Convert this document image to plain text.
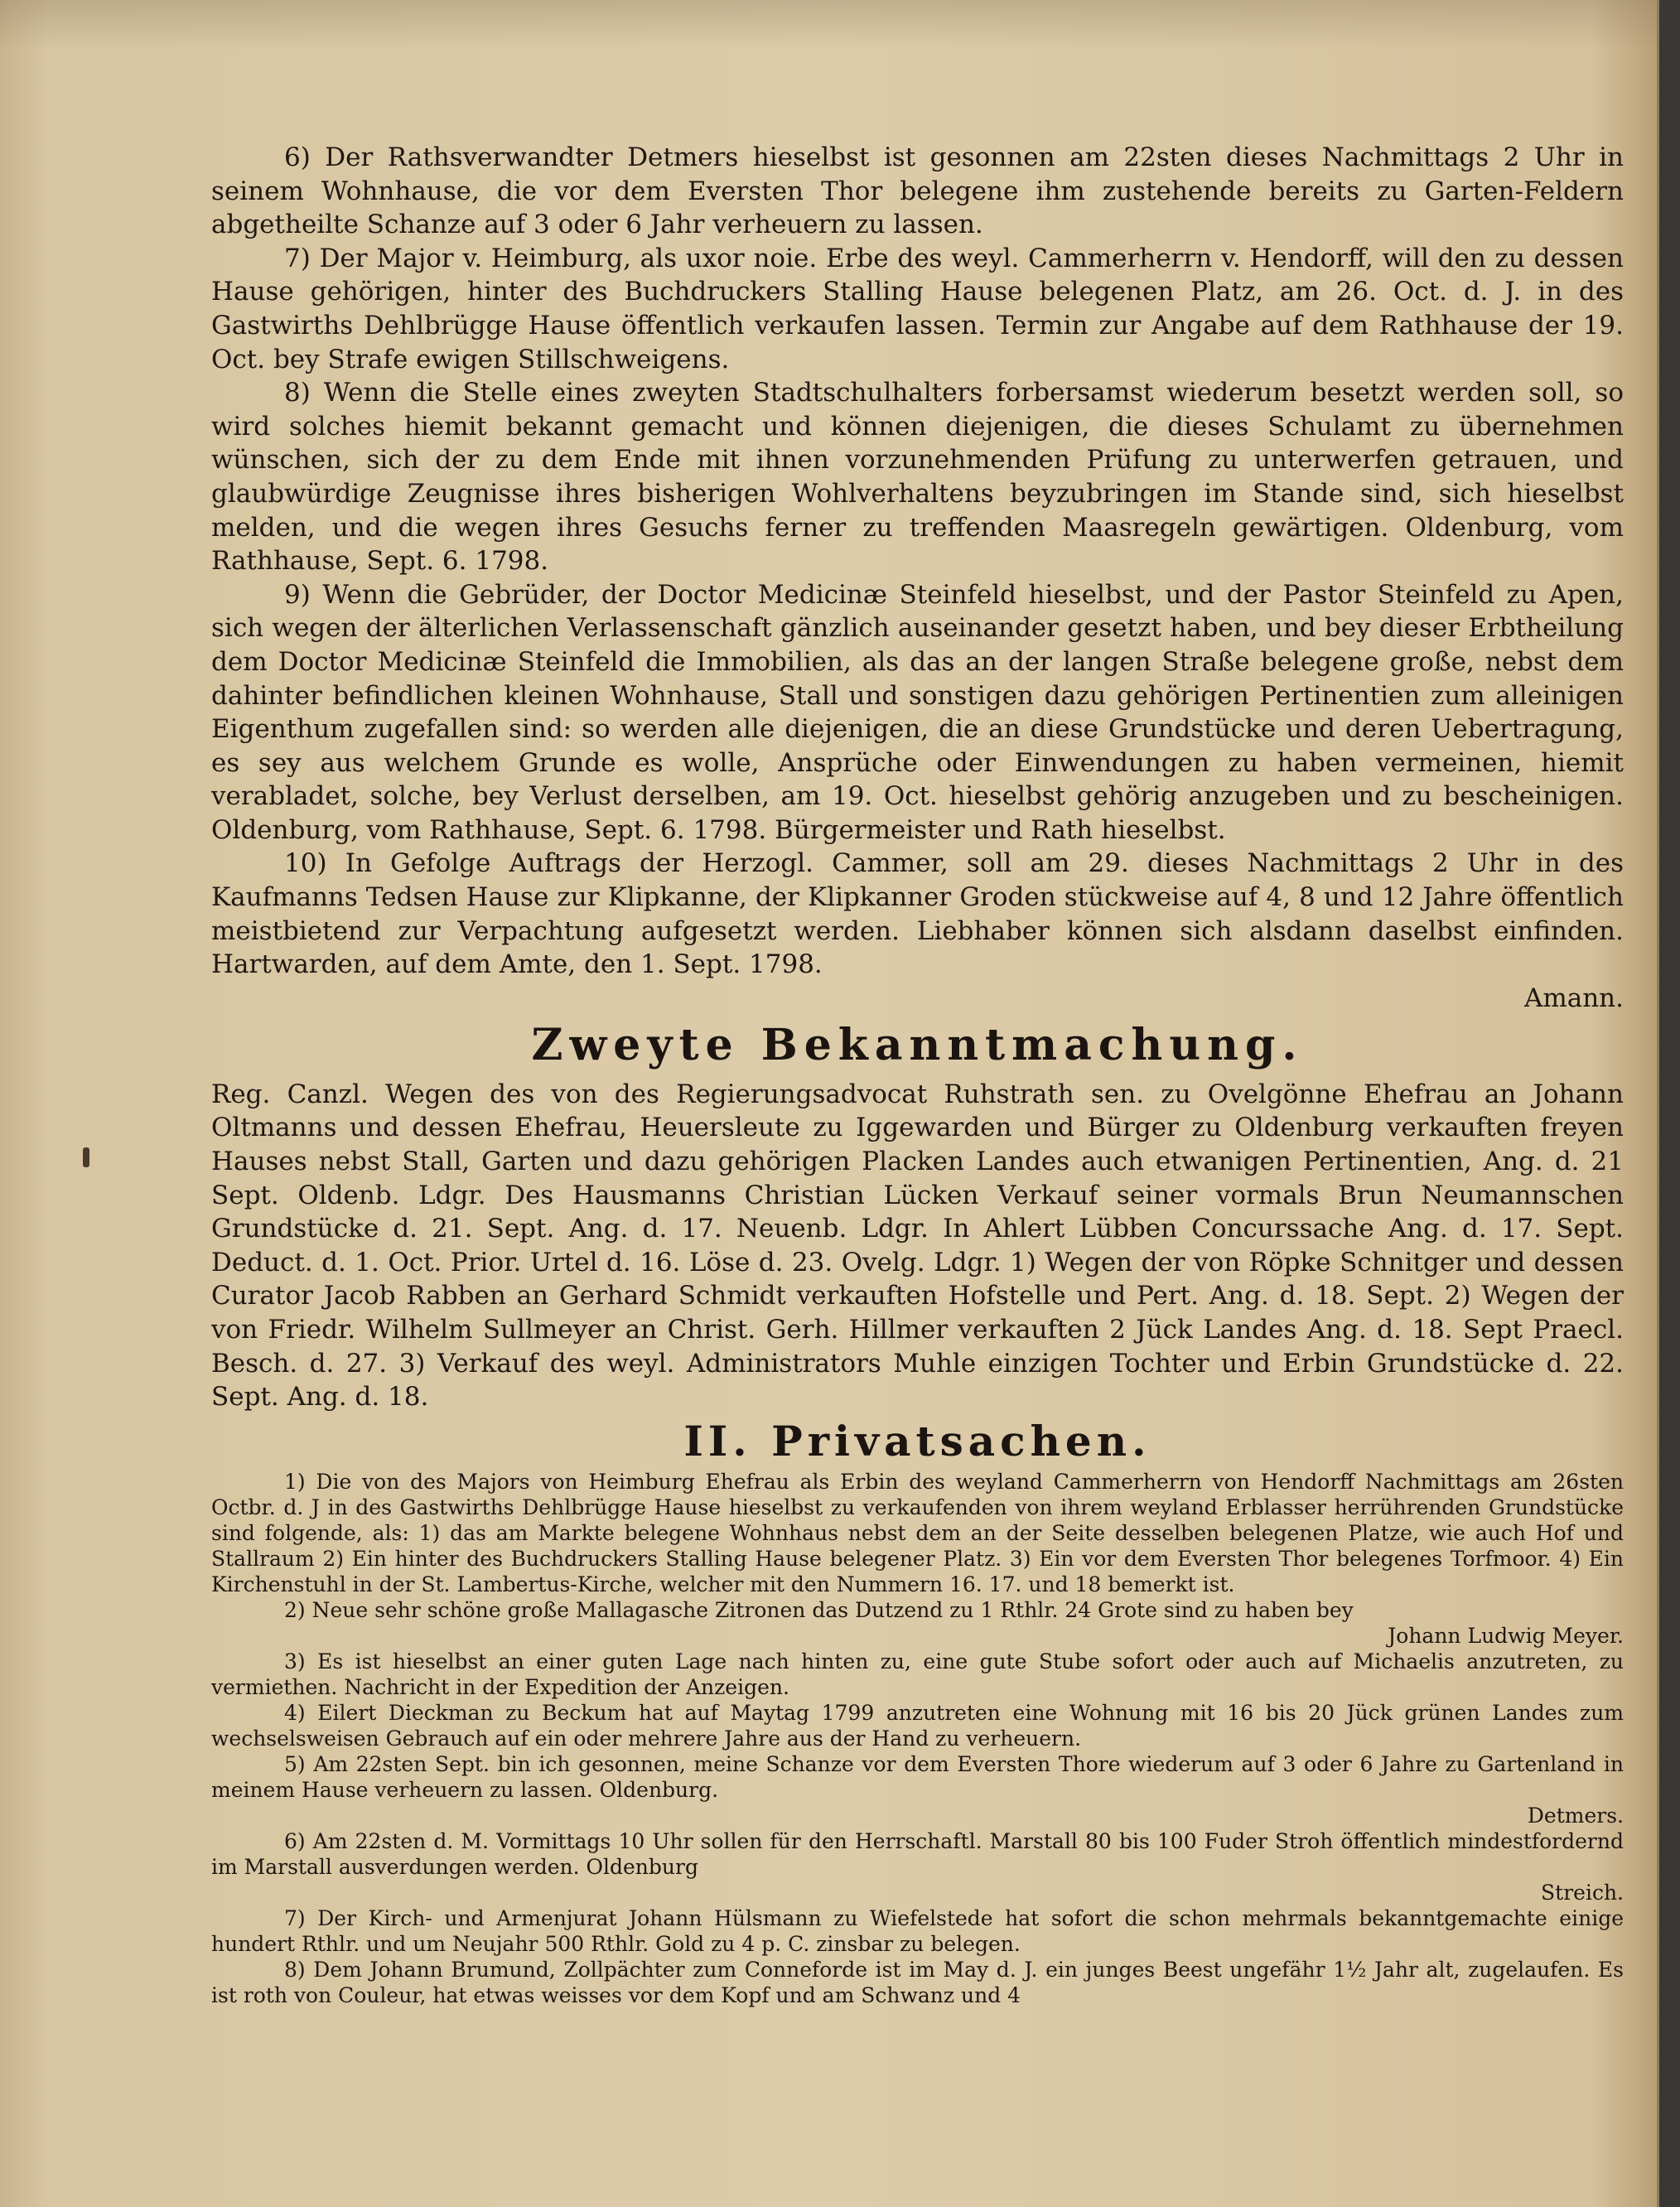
6) Der Rathsverwandter Detmers hieselbst ist gesonnen am 22sten dieses Nachmittags 2 Uhr in seinem Wohnhause, die vor dem Eversten Thor belegene ihm zustehende bereits zu Garten-Feldern abgetheilte Schanze auf 3 oder 6 Jahr verheuern zu lassen.

7) Der Major v. Heimburg, als uxor noie. Erbe des weyl. Cammerherrn v. Hendorff, will den zu dessen Hause gehörigen, hinter des Buchdruckers Stalling Hause belegenen Platz, am 26. Oct. d. J. in des Gastwirths Dehlbrügge Hause öffentlich verkaufen lassen. Termin zur Angabe auf dem Rathhause der 19. Oct. bey Strafe ewigen Stillschweigens.

8) Wenn die Stelle eines zweyten Stadtschulhalters forbersamst wiederum besetzt werden soll, so wird solches hiemit bekannt gemacht und können diejenigen, die dieses Schulamt zu übernehmen wünschen, sich der zu dem Ende mit ihnen vorzunehmenden Prüfung zu unterwerfen getrauen, und glaubwürdige Zeugnisse ihres bisherigen Wohlverhaltens beyzubringen im Stande sind, sich hieselbst melden, und die wegen ihres Gesuchs ferner zu treffenden Maasregeln gewärtigen. Oldenburg, vom Rathhause, Sept. 6. 1798.

9) Wenn die Gebrüder, der Doctor Medicinæ Steinfeld hieselbst, und der Pastor Steinfeld zu Apen, sich wegen der älterlichen Verlassenschaft gänzlich auseinander gesetzt haben, und bey dieser Erbtheilung dem Doctor Medicinæ Steinfeld die Immobilien, als das an der langen Straße belegene große, nebst dem dahinter befindlichen kleinen Wohnhause, Stall und sonstigen dazu gehörigen Pertinentien zum alleinigen Eigenthum zugefallen sind: so werden alle diejenigen, die an diese Grundstücke und deren Uebertragung, es sey aus welchem Grunde es wolle, Ansprüche oder Einwendungen zu haben vermeinen, hiemit verabladet, solche, bey Verlust derselben, am 19. Oct. hieselbst gehörig anzugeben und zu bescheinigen. Oldenburg, vom Rathhause, Sept. 6. 1798. Bürgermeister und Rath hieselbst.

10) In Gefolge Auftrags der Herzogl. Cammer, soll am 29. dieses Nachmittags 2 Uhr in des Kaufmanns Tedsen Hause zur Klipkanne, der Klipkanner Groden stückweise auf 4, 8 und 12 Jahre öffentlich meistbietend zur Verpachtung aufgesetzt werden. Liebhaber können sich alsdann daselbst einfinden. Hartwarden, auf dem Amte, den 1. Sept. 1798.

Amann.
Zweyte Bekanntmachung.

Reg. Canzl. Wegen des von des Regierungsadvocat Ruhstrath sen. zu Ovelgönne Ehefrau an Johann Oltmanns und dessen Ehefrau, Heuersleute zu Iggewarden und Bürger zu Oldenburg verkauften freyen Hauses nebst Stall, Garten und dazu gehörigen Placken Landes auch etwanigen Pertinentien, Ang. d. 21 Sept. Oldenb. Ldgr. Des Hausmanns Christian Lücken Verkauf seiner vormals Brun Neumannschen Grundstücke d. 21. Sept. Ang. d. 17. Neuenb. Ldgr. In Ahlert Lübben Concurssache Ang. d. 17. Sept. Deduct. d. 1. Oct. Prior. Urtel d. 16. Löse d. 23. Ovelg. Ldgr. 1) Wegen der von Röpke Schnitger und dessen Curator Jacob Rabben an Gerhard Schmidt verkauften Hofstelle und Pert. Ang. d. 18. Sept. 2) Wegen der von Friedr. Wilhelm Sullmeyer an Christ. Gerh. Hillmer verkauften 2 Jück Landes Ang. d. 18. Sept Praecl. Besch. d. 27. 3) Verkauf des weyl. Administrators Muhle einzigen Tochter und Erbin Grundstücke d. 22. Sept. Ang. d. 18.

II. Privatsachen.

1) Die von des Majors von Heimburg Ehefrau als Erbin des weyland Cammerherrn von Hendorff Nachmittags am 26sten Octbr. d. J in des Gastwirths Dehlbrügge Hause hieselbst zu verkaufenden von ihrem weyland Erblasser herrührenden Grundstücke sind folgende, als: 1) das am Markte belegene Wohnhaus nebst dem an der Seite desselben belegenen Platze, wie auch Hof und Stallraum 2) Ein hinter des Buchdruckers Stalling Hause belegener Platz. 3) Ein vor dem Eversten Thor belegenes Torfmoor. 4) Ein Kirchenstuhl in der St. Lambertus-Kirche, welcher mit den Nummern 16. 17. und 18 bemerkt ist.

2) Neue sehr schöne große Mallagasche Zitronen das Dutzend zu 1 Rthlr. 24 Grote sind zu haben bey

Johann Ludwig Meyer.

3) Es ist hieselbst an einer guten Lage nach hinten zu, eine gute Stube sofort oder auch auf Michaelis anzutreten, zu vermiethen. Nachricht in der Expedition der Anzeigen.

4) Eilert Dieckman zu Beckum hat auf Maytag 1799 anzutreten eine Wohnung mit 16 bis 20 Jück grünen Landes zum wechselsweisen Gebrauch auf ein oder mehrere Jahre aus der Hand zu verheuern.

5) Am 22sten Sept. bin ich gesonnen, meine Schanze vor dem Eversten Thore wiederum auf 3 oder 6 Jahre zu Gartenland in meinem Hause verheuern zu lassen. Oldenburg.

Detmers.

6) Am 22sten d. M. Vormittags 10 Uhr sollen für den Herrschaftl. Marstall 80 bis 100 Fuder Stroh öffentlich mindestfordernd im Marstall ausverdungen werden. Oldenburg

Streich.

7) Der Kirch- und Armenjurat Johann Hülsmann zu Wiefelstede hat sofort die schon mehrmals bekanntgemachte einige hundert Rthlr. und um Neujahr 500 Rthlr. Gold zu 4 p. C. zinsbar zu belegen.

8) Dem Johann Brumund, Zollpächter zum Conneforde ist im May d. J. ein junges Beest ungefähr 1½ Jahr alt, zugelaufen. Es ist roth von Couleur, hat etwas weisses vor dem Kopf und am Schwanz und 4
